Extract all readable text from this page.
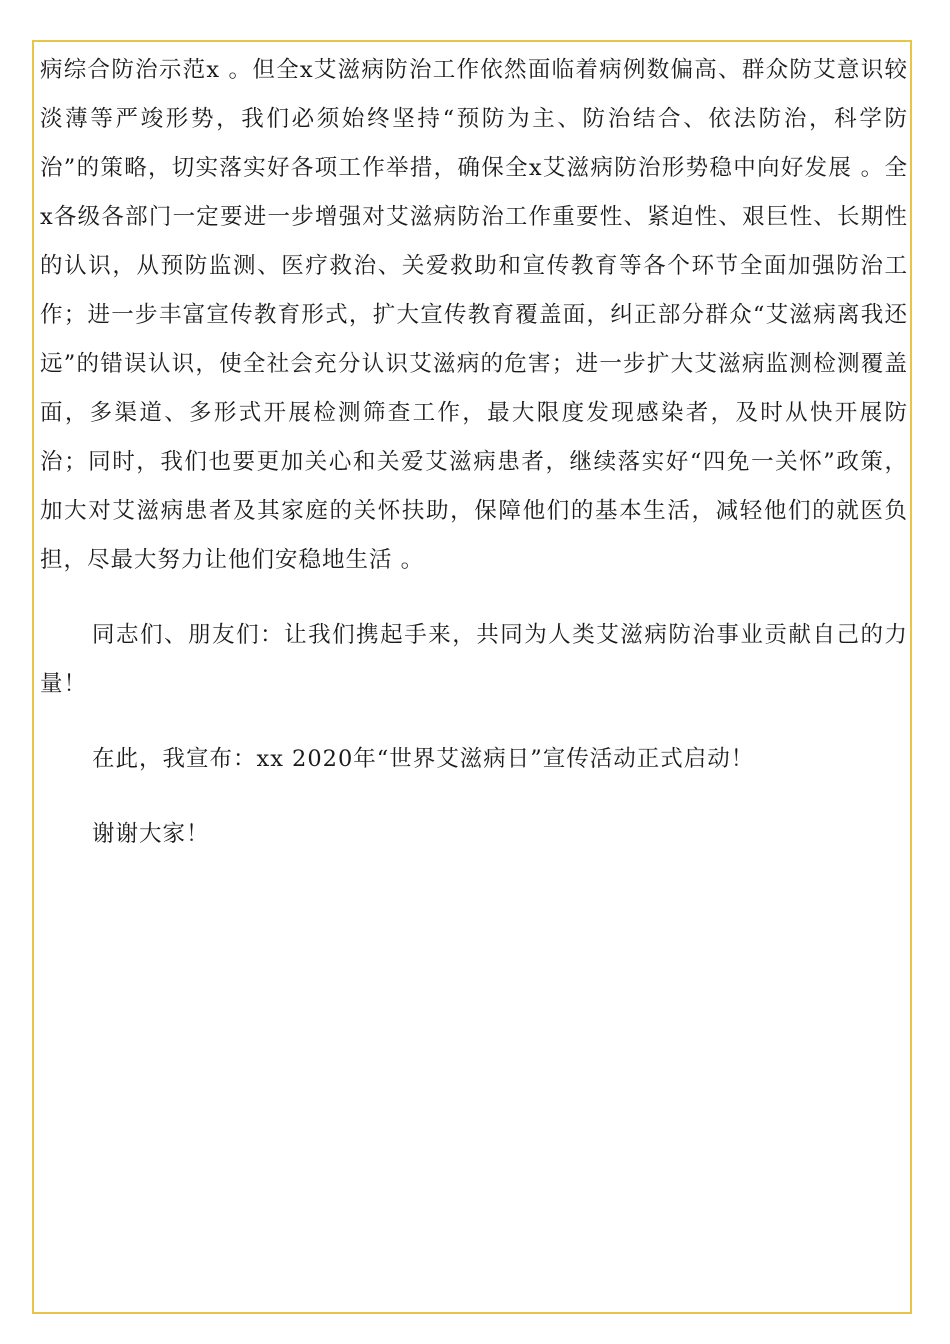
病综合防治示范x 。但全x艾滋病防治工作依然面临着病例数偏高、群众防艾意识较淡薄等严竣形势，我们必须始终坚持“预防为主、防治结合、依法防治，科学防治”的策略，切实落实好各项工作举措，确保全x艾滋病防治形势稳中向好发展 。全x各级各部门一定要进一步增强对艾滋病防治工作重要性、紧迫性、艰巨性、长期性的认识，从预防监测、医疗救治、关爱救助和宣传教育等各个环节全面加强防治工作；进一步丰富宣传教育形式，扩大宣传教育覆盖面，纠正部分群众“艾滋病离我还远”的错误认识，使全社会充分认识艾滋病的危害；进一步扩大艾滋病监测检测覆盖面，多渠道、多形式开展检测筛查工作，最大限度发现感染者，及时从快开展防治；同时，我们也要更加关心和关爱艾滋病患者，继续落实好“四免一关怀”政策，加大对艾滋病患者及其家庭的关怀扶助，保障他们的基本生活，减轻他们的就医负担，尽最大努力让他们安稳地生活 。

同志们、朋友们：让我们携起手来，共同为人类艾滋病防治事业贡献自己的力量！

在此，我宣布：xx 2020年“世界艾滋病日”宣传活动正式启动！

谢谢大家！
